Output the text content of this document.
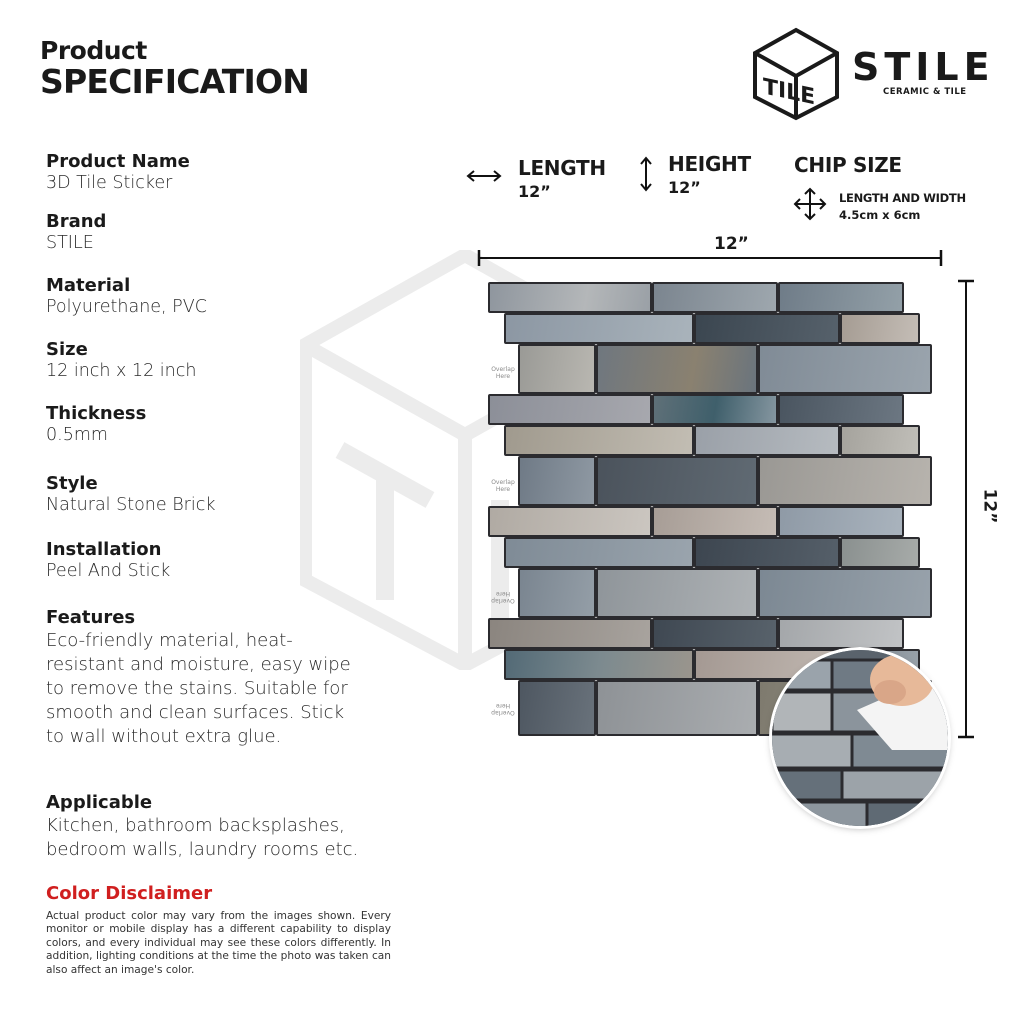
Product
SPECIFICATION	TILE
STILE
CERAMIC & TILE
Product Name
3D Tile Sticker
Brand
STILE
Material
Polyurethane, PVC
Size
12 inch x 12 inch
Thickness
0.5mm
Style
Natural Stone Brick
Installation
Peel And Stick
Features
Eco-friendly material, heat-resistant and moisture, easy wipe to remove the stains. Suitable for smooth and clean surfaces. Stick to wall without extra glue.
Applicable
Kitchen, bathroom backsplashes, bedroom walls, laundry rooms etc.
Color Disclaimer
Actual product color may vary from the images shown. Every monitor or mobile display has a different capability to display colors, and every individual may see these colors differently. In addition, lighting conditions at the time the photo was taken can also affect an image's color.
LENGTH
12”
HEIGHT
12”
CHIP SIZE
LENGTH AND WIDTH
4.5cm x 6cm
12”
12”
Overlap Here
Overlap Here
Overlap Here
Overlap Here
